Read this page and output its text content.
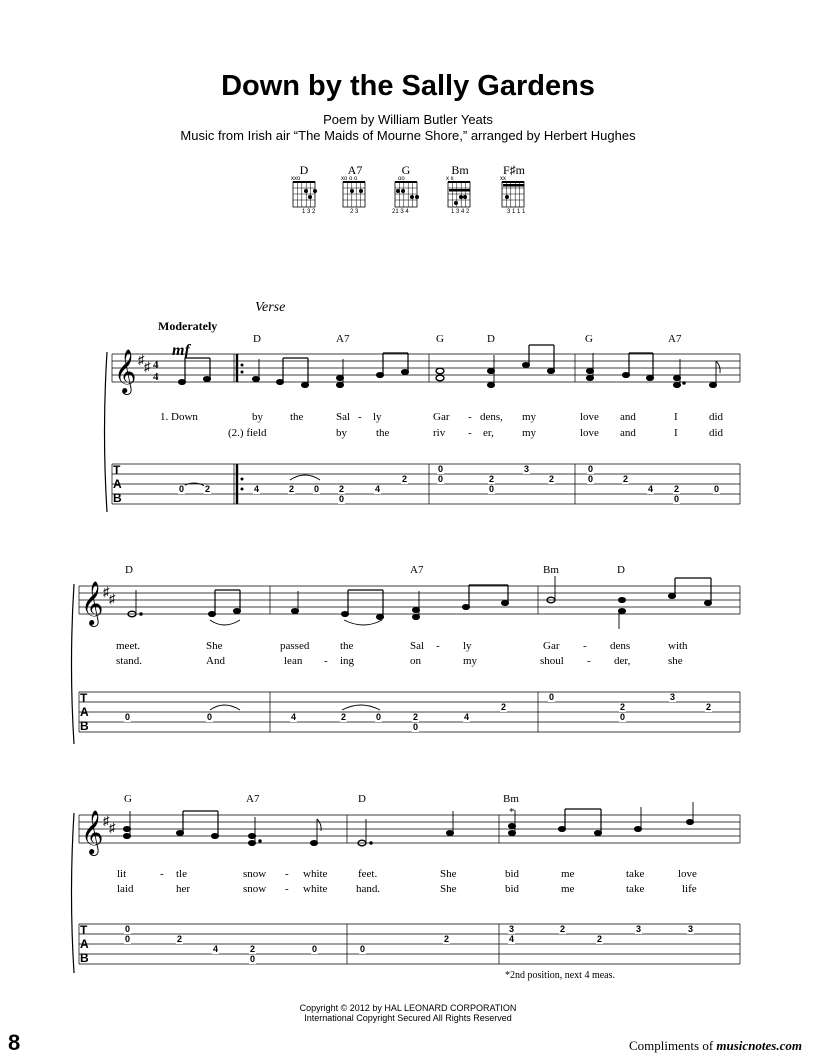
Down by the Sally Gardens
Poem by William Butler Yeats
Music from Irish air “The Maids of Mourne Shore,” arranged by Herbert Hughes
D	A7	G	Bm	F♯m
xxo	xo o o	oo	x x	xx
1 3 2	2 3	21 3 4	1 3 4 2	3 1 1 1
𝄞
T
A
B
♯ ♯ 4
4
𝄞
T
A
B
♯ ♯
𝄞
T
A
B
♯ ♯
Verse
Moderately
mf
D	A7	G	D	G	A7
1. Down	by the	Sal - ly	Gar - dens, my	love and	I	did
(2.) field	by	the	riv - er,	my	love and	I	did
0 2	4	2 0 2
0
4
2
0
0	2
0
3
2
0
0	2
4 2
0
0
D	A7	Bm	D
meet.	She	passed	the	Sal - ly	Gar - dens	with
stand.	And	lean - ing	on	my	shoul - der,	she
0	0	4	2	0	2
0
4
2
0
2
0
3
2
G	A7	D	Bm
*
lit	- tle	snow - white	feet.	She	bid	me	take	love
laid	her	snow - white	hand.	She	bid	me	take	life
0
0	2
4	2
0
0	0
2
3
4
2
2
3	3
*2nd position, next 4 meas.
Copyright © 2012 by HAL LEONARD CORPORATION
International Copyright Secured All Rights Reserved
8	Compliments of musicnotes.com
